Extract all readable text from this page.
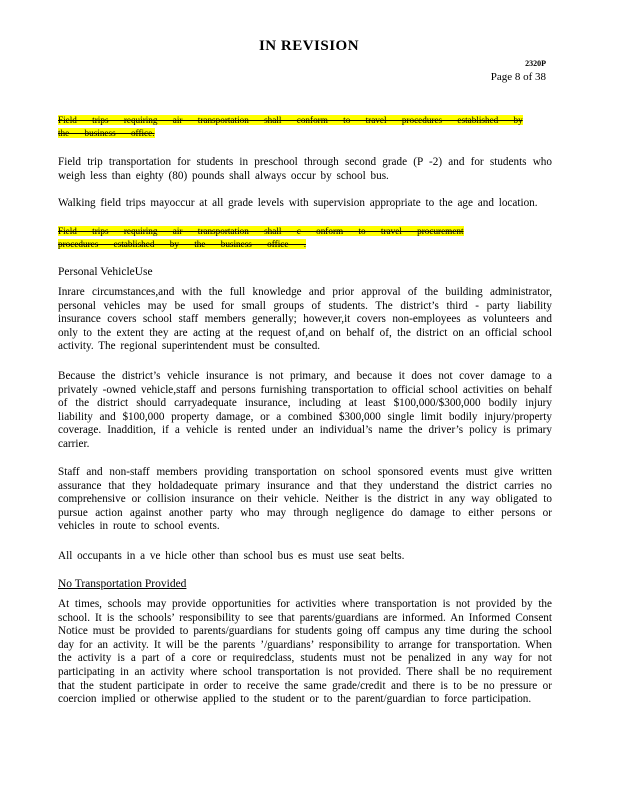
IN REVISION
2320P
Page 8 of 38
Field trips requiring air transportation shall conform to travel procedures established by the business office.
Field trip transportation for students in preschool through second grade (P -2) and for students who weigh less than eighty (80) pounds shall always occur by school bus.
Walking field trips mayoccur at all grade levels with supervision appropriate to the age and location.
Field trips requiring air transportation shall c onform to travel procurement procedures established by the business office .
Personal VehicleUse
Inrare circumstances,and with the full knowledge and prior approval of the building administrator, personal vehicles may be used for small groups of students. The district’s third - party liability insurance covers school staff members generally; however,it covers non-employees as volunteers and only to the extent they are acting at the request of,and on behalf of, the district on an official school activity. The regional superintendent must be consulted.
Because the district’s vehicle insurance is not primary, and because it does not cover damage to a privately -owned vehicle,staff and persons furnishing transportation to official school activities on behalf of the district should carryadequate insurance, including at least $100,000/$300,000 bodily injury liability and $100,000 property damage, or a combined $300,000 single limit bodily injury/property coverage. Inaddition, if a vehicle is rented under an individual’s name the driver’s policy is primary carrier.
Staff and non-staff members providing transportation on school sponsored events must give written assurance that they holdadequate primary insurance and that they understand the district carries no comprehensive or collision insurance on their vehicle. Neither is the district in any way obligated to pursue action against another party who may through negligence do damage to either persons or vehicles in route to school events.
All occupants in a ve hicle other than school bus es must use seat belts.
No Transportation Provided
At times, schools may provide opportunities for activities where transportation is not provided by the school. It is the schools’ responsibility to see that parents/guardians are informed. An Informed Consent Notice must be provided to parents/guardians for students going off campus any time during the school day for an activity. It will be the parents ’/guardians’ responsibility to arrange for transportation. When the activity is a part of a core or requiredclass, students must not be penalized in any way for not participating in an activity where school transportation is not provided. There shall be no requirement that the student participate in order to receive the same grade/credit and there is to be no pressure or coercion implied or otherwise applied to the student or to the parent/guardian to force participation.
